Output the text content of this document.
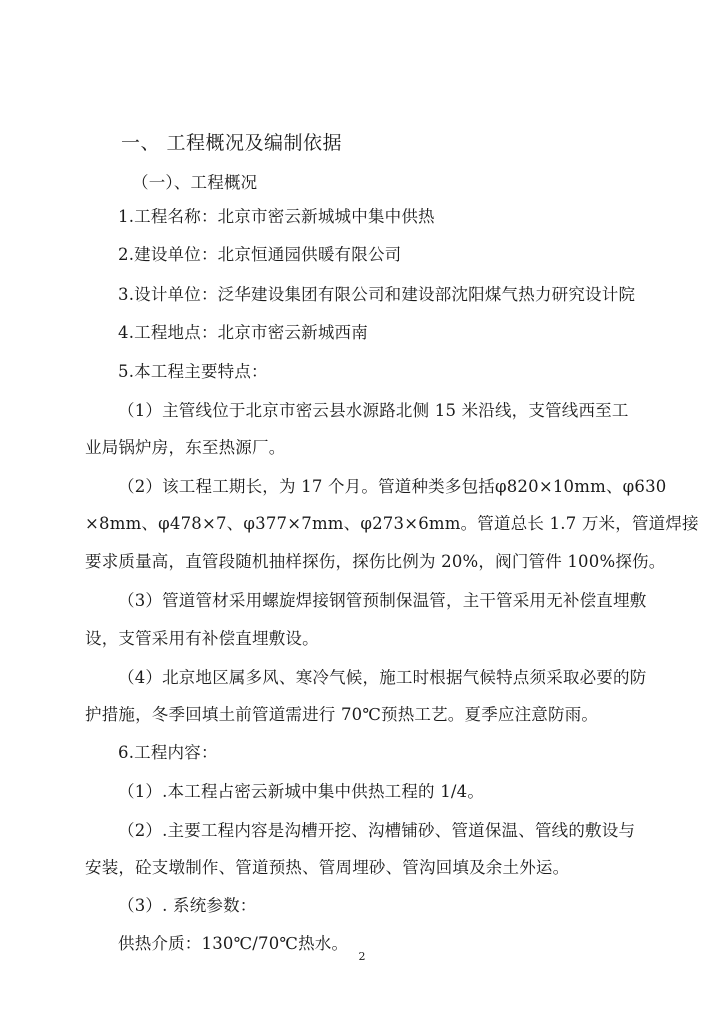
一、 工程概况及编制依据
（一）、工程概况
1.工程名称：北京市密云新城城中集中供热
2.建设单位：北京恒通园供暖有限公司
3.设计单位：泛华建设集团有限公司和建设部沈阳煤气热力研究设计院
4.工程地点：北京市密云新城西南
5.本工程主要特点：
（1）主管线位于北京市密云县水源路北侧 15 米沿线，支管线西至工
业局锅炉房，东至热源厂。
（2）该工程工期长，为 17 个月。管道种类多包括φ820×10mm、φ630
×8mm、φ478×7、φ377×7mm、φ273×6mm。管道总长 1.7 万米，管道焊接
要求质量高，直管段随机抽样探伤，探伤比例为 20%，阀门管件 100%探伤。
（3）管道管材采用螺旋焊接钢管预制保温管，主干管采用无补偿直埋敷
设，支管采用有补偿直埋敷设。
（4）北京地区属多风、寒冷气候，施工时根据气候特点须采取必要的防
护措施，冬季回填土前管道需进行 70℃预热工艺。夏季应注意防雨。
6.工程内容：
（1）.本工程占密云新城中集中供热工程的 1/4。
（2）.主要工程内容是沟槽开挖、沟槽铺砂、管道保温、管线的敷设与
安装，砼支墩制作、管道预热、管周埋砂、管沟回填及余土外运。
（3）. 系统参数：
供热介质：130℃/70℃热水。
2
